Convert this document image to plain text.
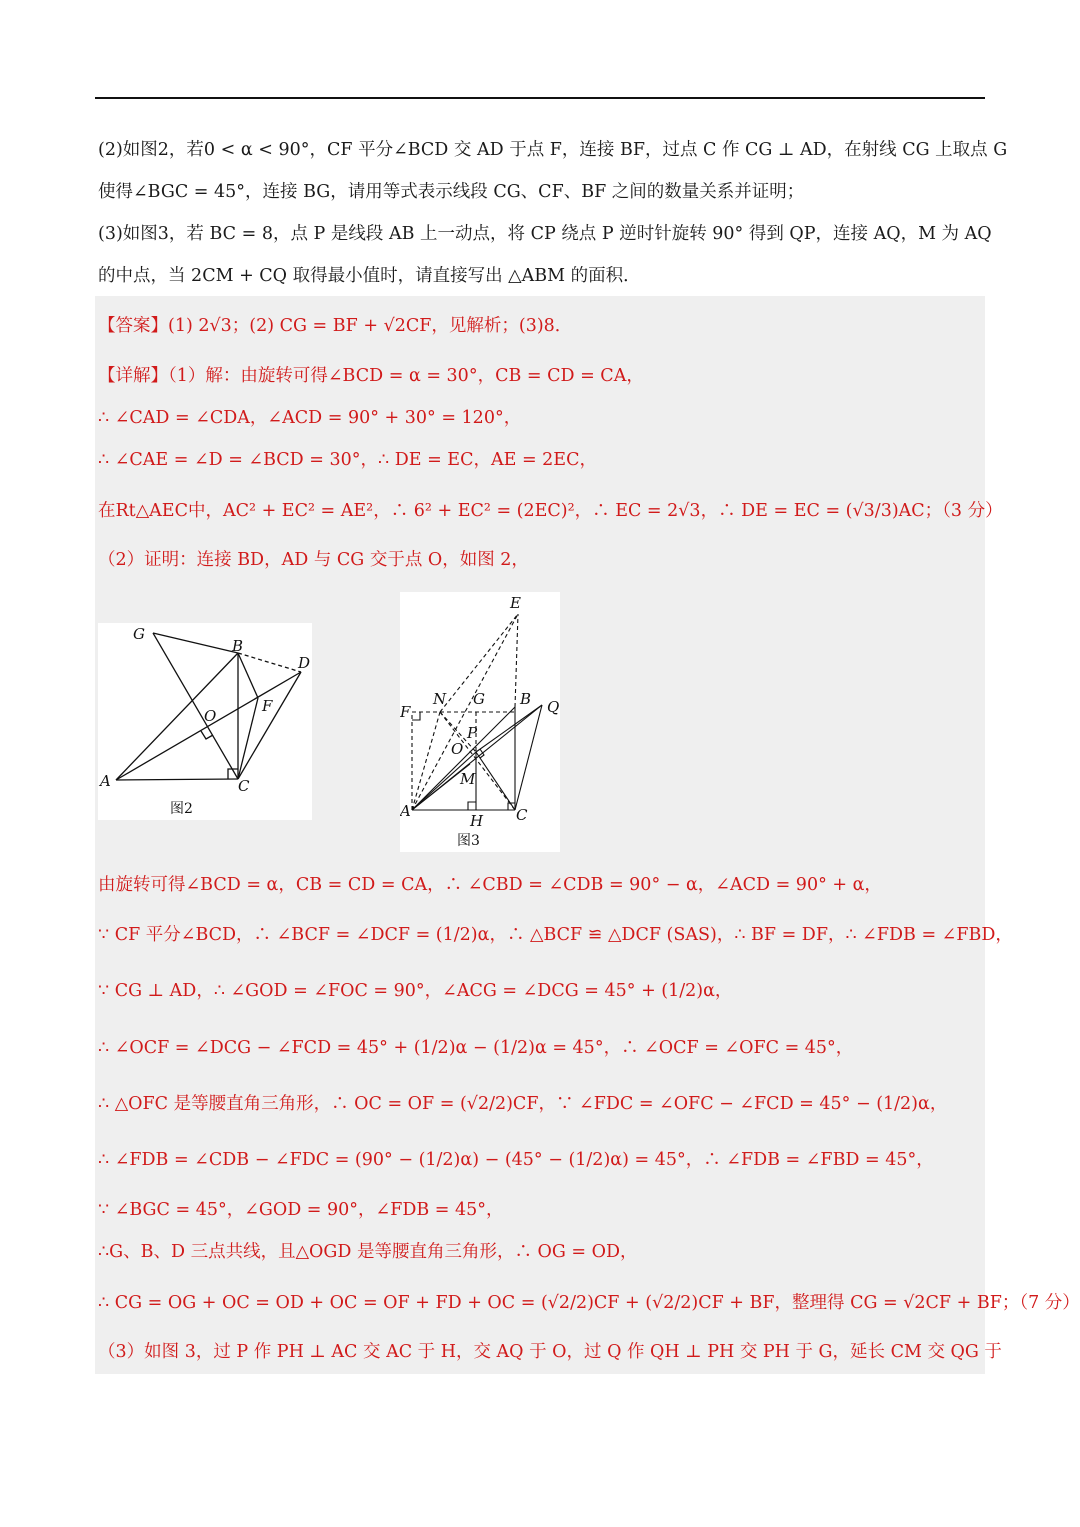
(2)如图2，若0 < α < 90°，CF 平分∠BCD 交 AD 于点 F，连接 BF，过点 C 作 CG ⊥ AD，在射线 CG 上取点 G
使得∠BGC = 45°，连接 BG，请用等式表示线段 CG、CF、BF 之间的数量关系并证明；
(3)如图3，若 BC = 8，点 P 是线段 AB 上一动点，将 CP 绕点 P 逆时针旋转 90° 得到 QP，连接 AQ，M 为 AQ
的中点，当 2CM + CQ 取得最小值时，请直接写出 △ABM 的面积．
【答案】(1) 2√3；(2) CG = BF + √2CF，见解析；(3)8．
【详解】（1）解：由旋转可得∠BCD = α = 30°，CB = CD = CA，
∴ ∠CAD = ∠CDA，∠ACD = 90° + 30° = 120°，
∴ ∠CAE = ∠D = ∠BCD = 30°，∴ DE = EC，AE = 2EC，
在Rt△AEC中，AC² + EC² = AE²，∴ 6² + EC² = (2EC)²，∴ EC = 2√3，∴ DE = EC = (√3/3)AC；（3 分）
（2）证明：连接 BD，AD 与 CG 交于点 O，如图 2，
G
B
D
O
F
A	C
图2
E
N G B Q
F
P
O
M
A
H C
图3
由旋转可得∠BCD = α，CB = CD = CA，∴ ∠CBD = ∠CDB = 90° − α，∠ACD = 90° + α，
∵ CF 平分∠BCD，∴ ∠BCF = ∠DCF = (1/2)α，∴ △BCF ≌ △DCF (SAS)，∴ BF = DF，∴ ∠FDB = ∠FBD，
∵ CG ⊥ AD，∴ ∠GOD = ∠FOC = 90°，∠ACG = ∠DCG = 45° + (1/2)α，
∴ ∠OCF = ∠DCG − ∠FCD = 45° + (1/2)α − (1/2)α = 45°，∴ ∠OCF = ∠OFC = 45°，
∴ △OFC 是等腰直角三角形，∴ OC = OF = (√2/2)CF，∵ ∠FDC = ∠OFC − ∠FCD = 45° − (1/2)α，
∴ ∠FDB = ∠CDB − ∠FDC = (90° − (1/2)α) − (45° − (1/2)α) = 45°，∴ ∠FDB = ∠FBD = 45°，
∵ ∠BGC = 45°，∠GOD = 90°，∠FDB = 45°，
∴G、B、D 三点共线，且△OGD 是等腰直角三角形，∴ OG = OD，
∴ CG = OG + OC = OD + OC = OF + FD + OC = (√2/2)CF + (√2/2)CF + BF，整理得 CG = √2CF + BF；（7 分）
（3）如图 3，过 P 作 PH ⊥ AC 交 AC 于 H，交 AQ 于 O，过 Q 作 QH ⊥ PH 交 PH 于 G，延长 CM 交 QG 于
